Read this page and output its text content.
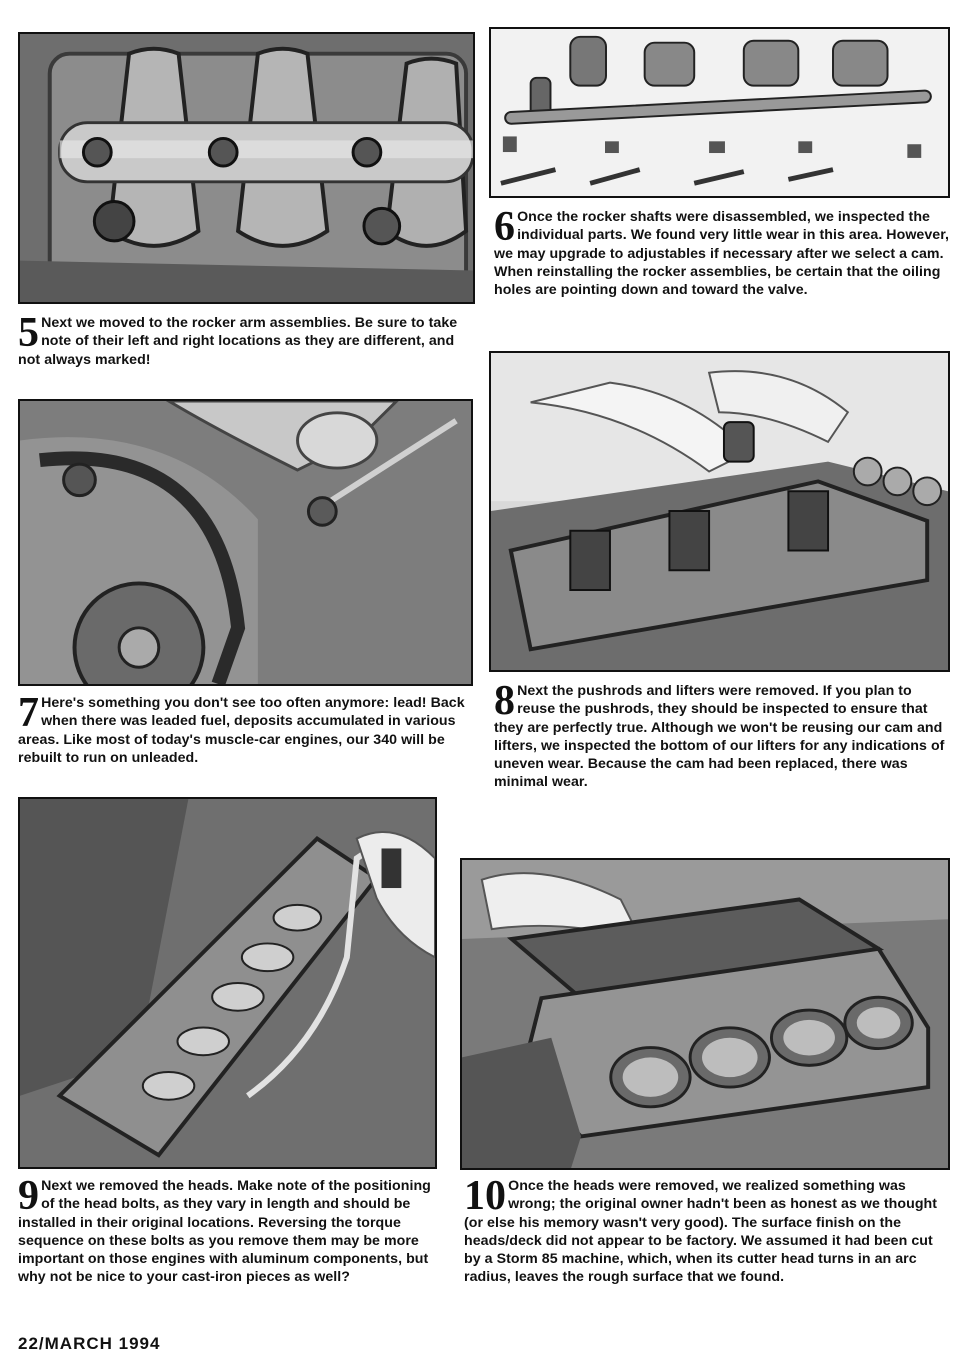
5 Next we moved to the rocker arm assemblies. Be sure to take note of their left and right locations as they are different, and not always marked!
6 Once the rocker shafts were disassembled, we inspected the individual parts. We found very little wear in this area. However, we may upgrade to adjustables if necessary after we select a cam. When reinstalling the rocker assemblies, be certain that the oiling holes are pointing down and toward the valve.
7 Here's something you don't see too often anymore: lead! Back when there was leaded fuel, deposits accumulated in various areas. Like most of today's muscle-car engines, our 340 will be rebuilt to run on unleaded.
8 Next the pushrods and lifters were removed. If you plan to reuse the pushrods, they should be inspected to ensure that they are perfectly true. Although we won't be reusing our cam and lifters, we inspected the bottom of our lifters for any indications of uneven wear. Because the cam had been replaced, there was minimal wear.
9 Next we removed the heads. Make note of the positioning of the head bolts, as they vary in length and should be installed in their original locations. Reversing the torque sequence on these bolts as you remove them may be more important on those engines with aluminum components, but why not be nice to your cast-iron pieces as well?
10 Once the heads were removed, we realized something was wrong; the original owner hadn't been as honest as we thought (or else his memory wasn't very good). The surface finish on the heads/deck did not appear to be factory. We assumed it had been cut by a Storm 85 machine, which, when its cutter head turns in an arc radius, leaves the rough surface that we found.
22/MARCH 1994
